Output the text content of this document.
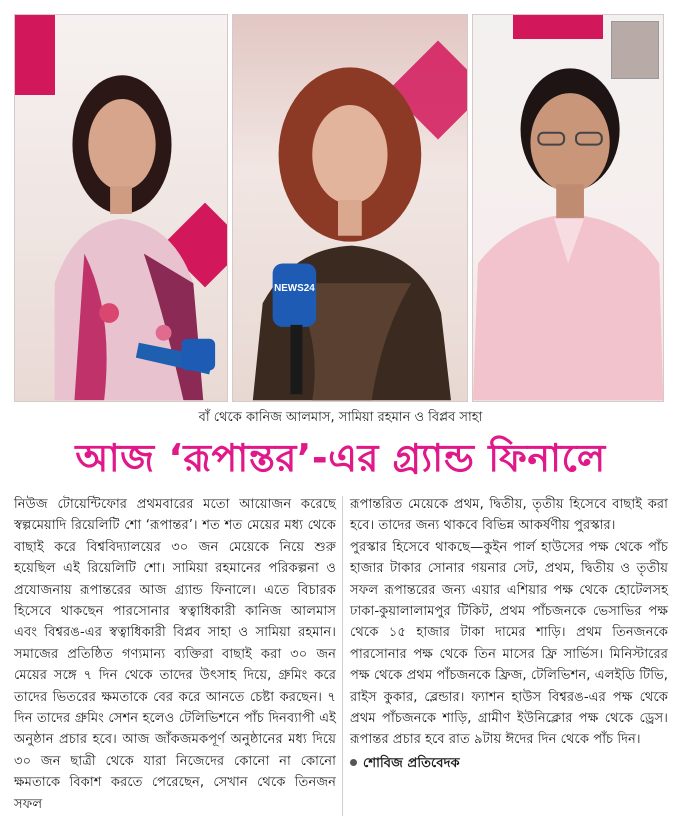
NEWS24
বাঁ থেকে কানিজ আলমাস, সামিয়া রহমান ও বিপ্লব সাহা
আজ ‘রূপান্তর’-এর গ্র্যান্ড ফিনালে

নিউজ টোয়েন্টিফোর প্রথমবারের মতো আয়োজন করেছে স্বল্পমেয়াদি রিয়েলিটি শো ‘রূপান্তর’। শত শত মেয়ের মধ্য থেকে বাছাই করে বিশ্ববিদ্যালয়ের ৩০ জন মেয়েকে নিয়ে শুরু হয়েছিল এই রিয়েলিটি শো। সামিয়া রহমানের পরিকল্পনা ও প্রযোজনায় রূপান্তরের আজ গ্র্যান্ড ফিনালে। এতে বিচারক হিসেবে থাকছেন পারসোনার স্বত্বাধিকারী কানিজ আলমাস এবং বিশ্বরঙ-এর স্বত্বাধিকারী বিপ্লব সাহা ও সামিয়া রহমান। সমাজের প্রতিষ্ঠিত গণ্যমান্য ব্যক্তিরা বাছাই করা ৩০ জন মেয়ের সঙ্গে ৭ দিন থেকে তাদের উৎসাহ দিয়ে, গ্রুমিং করে তাদের ভিতরের ক্ষমতাকে বের করে আনতে চেষ্টা করছেন। ৭ দিন তাদের গ্রুমিং সেশন হলেও টেলিভিশনে পাঁচ দিনব্যাপী এই অনুষ্ঠান প্রচার হবে। আজ জাঁকজমকপূর্ণ অনুষ্ঠানের মধ্য দিয়ে ৩০ জন ছাত্রী থেকে যারা নিজেদের কোনো না কোনো ক্ষমতাকে বিকাশ করতে পেরেছেন, সেখান থেকে তিনজন সফল

রূপান্তরিত মেয়েকে প্রথম, দ্বিতীয়, তৃতীয় হিসেবে বাছাই করা হবে। তাদের জন্য থাকবে বিভিন্ন আকর্ষণীয় পুরস্কার।

পুরস্কার হিসেবে থাকছে—কুইন পার্ল হাউসের পক্ষ থেকে পাঁচ হাজার টাকার সোনার গয়নার সেট, প্রথম, দ্বিতীয় ও তৃতীয় সফল রূপান্তরের জন্য এয়ার এশিয়ার পক্ষ থেকে হোটেলসহ ঢাকা-কুয়ালালামপুর টিকিট, প্রথম পাঁচজনকে ভেসাভির পক্ষ থেকে ১৫ হাজার টাকা দামের শাড়ি। প্রথম তিনজনকে পারসোনার পক্ষ থেকে তিন মাসের ফ্রি সার্ভিস। মিনিস্টারের পক্ষ থেকে প্রথম পাঁচজনকে ফ্রিজ, টেলিভিশন, এলইডি টিভি, রাইস কুকার, ব্লেন্ডার। ফ্যাশন হাউস বিশ্বরঙ-এর পক্ষ থেকে প্রথম পাঁচজনকে শাড়ি, গ্রামীণ ইউনিক্লোর পক্ষ থেকে ড্রেস। রূপান্তর প্রচার হবে রাত ৯টায় ঈদের দিন থেকে পাঁচ দিন।

শোবিজ প্রতিবেদক
